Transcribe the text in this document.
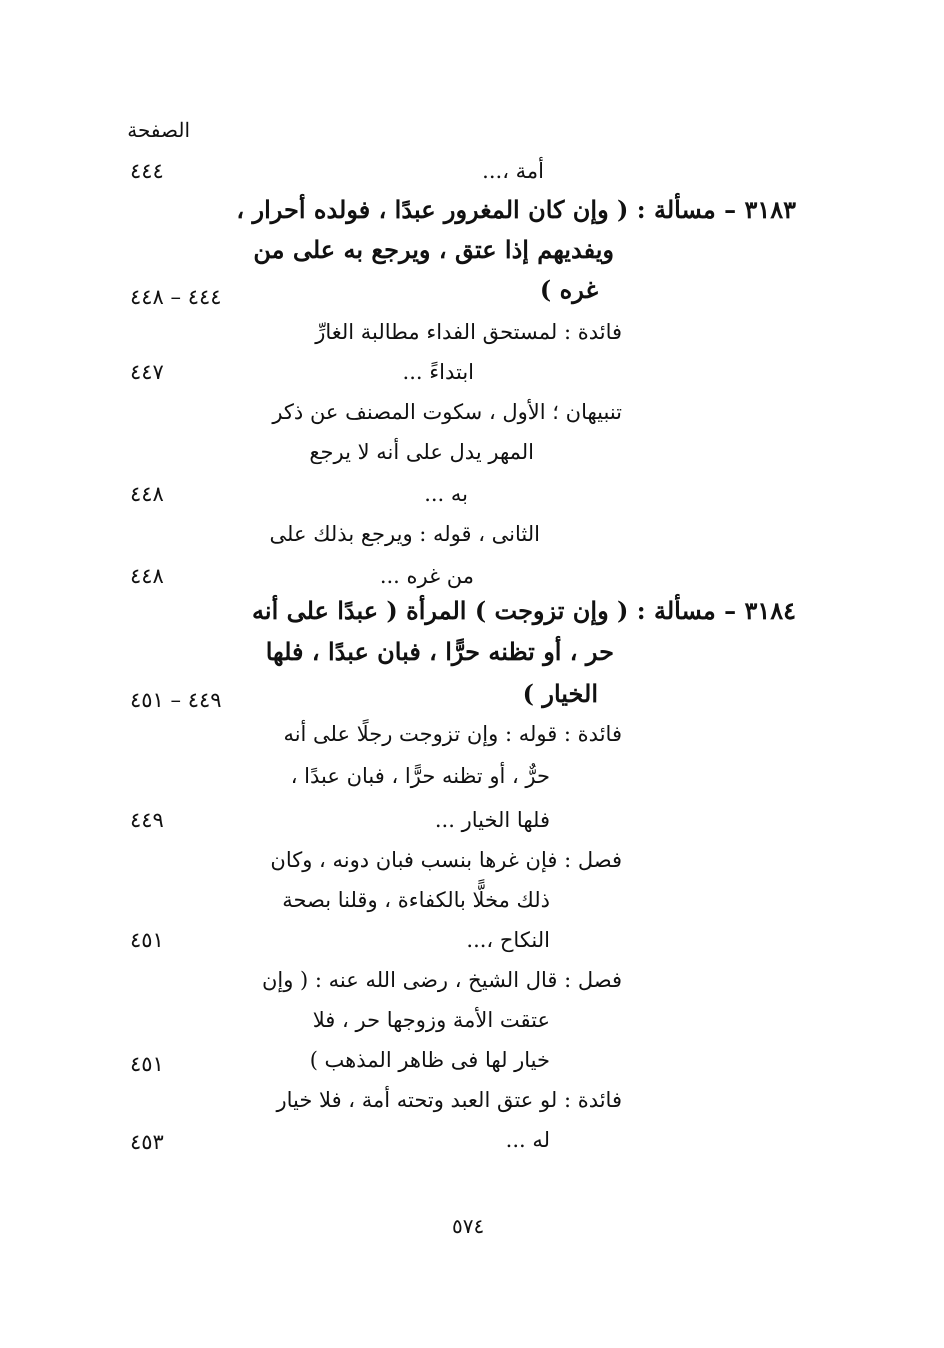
الصفحة
أمة ،...
٤٤٤
٣١٨٣ – مسألة : ( وإن كان المغرور عبدًا ، فولده أحرار ،
ويفديهم إذا عتق ، ويرجع به على من
غره )
٤٤٤ – ٤٤٨
فائدة : لمستحق الفداء مطالبة الغارِّ
ابتداءً ...
٤٤٧
تنبيهان ؛ الأول ، سكوت المصنف عن ذكر
المهر يدل على أنه لا يرجع
به ...
٤٤٨
الثانى ، قوله : ويرجع بذلك على
من غره ...
٤٤٨
٣١٨٤ – مسألة : ( وإن تزوجت ) المرأة ( عبدًا على أنه
حر ، أو تظنه حرًّا ، فبان عبدًا ، فلها
الخيار )
٤٤٩ – ٤٥١
فائدة : قوله : وإن تزوجت رجلًا على أنه
حرٌّ ، أو تظنه حرًّا ، فبان عبدًا ،
فلها الخيار ...
٤٤٩
فصل : فإن غرها بنسب فبان دونه ، وكان
ذلك مخلًّا بالكفاءة ، وقلنا بصحة
النكاح ،...
٤٥١
فصل : قال الشيخ ، رضى الله عنه : ( وإن
عتقت الأمة وزوجها حر ، فلا
خيار لها فى ظاهر المذهب )
٤٥١
فائدة : لو عتق العبد وتحته أمة ، فلا خيار
له ...
٤٥٣
٥٧٤
